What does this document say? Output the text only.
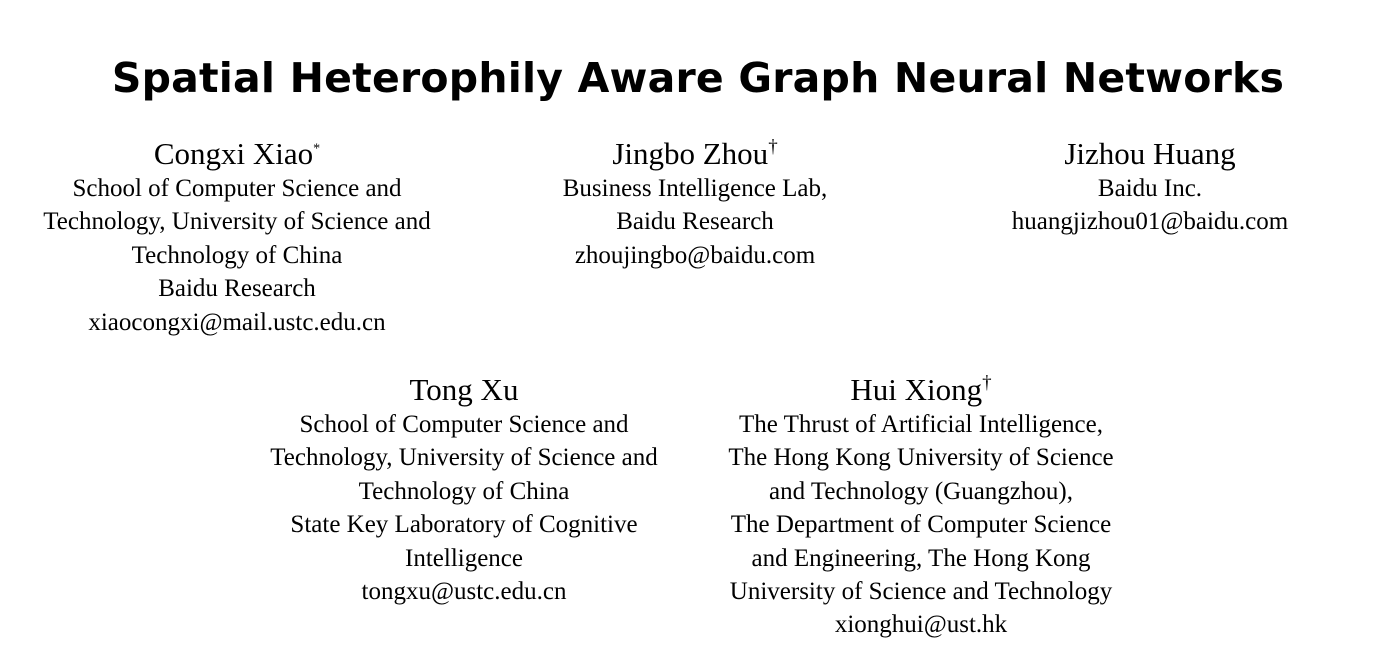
Spatial Heterophily Aware Graph Neural Networks
Congxi Xiao*
School of Computer Science and
Technology, University of Science and
Technology of China
Baidu Research
xiaocongxi@mail.ustc.edu.cn
Jingbo Zhou†
Business Intelligence Lab,
Baidu Research
zhoujingbo@baidu.com
Jizhou Huang
Baidu Inc.
huangjizhou01@baidu.com
Tong Xu
School of Computer Science and
Technology, University of Science and
Technology of China
State Key Laboratory of Cognitive
Intelligence
tongxu@ustc.edu.cn
Hui Xiong†
The Thrust of Artificial Intelligence,
The Hong Kong University of Science
and Technology (Guangzhou),
The Department of Computer Science
and Engineering, The Hong Kong
University of Science and Technology
xionghui@ust.hk
